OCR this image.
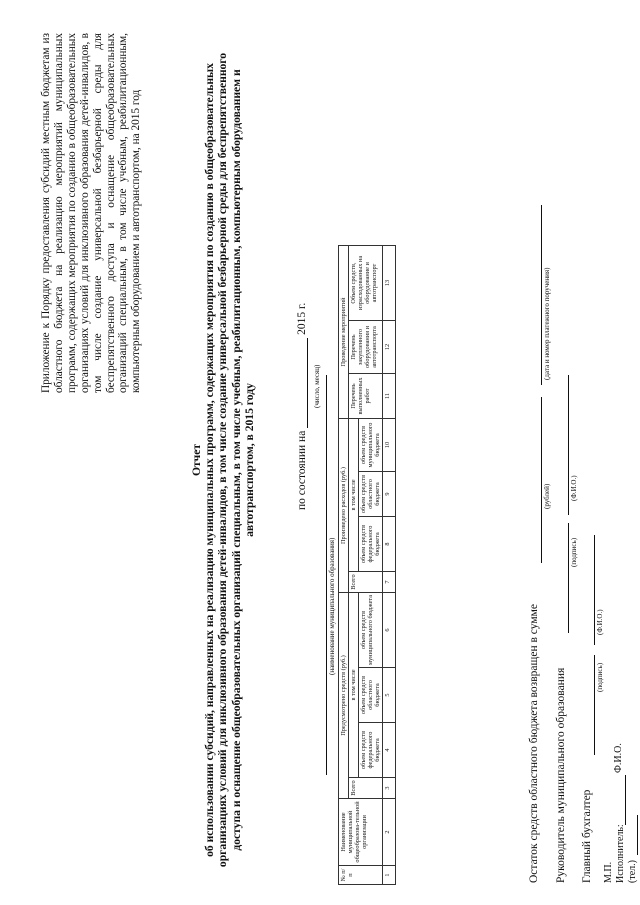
Приложение к Порядку предоставления субсидий местным бюджетам из областного бюджета на реализацию мероприятий муниципальных программ, содержащих мероприятия по созданию в общеобразовательных организациях условий для инклюзивного образования детей-инвалидов, в том числе создание универсальной безбарьерной среды для беспрепятственного доступа и оснащение общеобразовательных организаций специальным, в том числе учебным, реабилитационным, компьютерным оборудованием и автотранспортом, на 2015 год
Отчет об использовании субсидий, направленных на реализацию муниципальных программ, содержащих мероприятия по созданию в общеобразовательных организациях условий для инклюзивного образования детей-инвалидов, в том числе создание универсальной безбарьерной среды для беспрепятственного доступа и оснащение общеобразовательных организаций специальным, в том числе учебным, реабилитационным, компьютерным оборудованием и автотранспортом, в 2015 году	по состоянии на  2015 г.
(число, месяц)
(наименование муниципального образования)
№ п/п	Наименование муниципальной общеобразова-тельной организации	Предусмотрено средств (руб.)				Произведено расходов (руб.)				Проведение мероприятий		
		Всего	в том числе			Всего	в том числе			Перечень выполненных работ	Перечень закупленного оборудования и автотранспорта	Объем средств, израсходованных на оборудование и автотранспорт
			объем средств федерального бюджета	объем средств областного бюджета	объем средств муниципального бюджета		объем средств федерального бюджета	объем средств областного бюджета	объем средств муниципального бюджета			
1	2	3	4	5	6	7	8	9	10	11	12	13
Остаток средств областного бюджета возвращен в сумме
(рублей)
(дата и номер платежного поручения)
Руководитель муниципального образования
(подпись)
(Ф.И.О.)
Главный бухгалтер
(подпись)
(Ф.И.О.)
М.П. Исполнитель:
Ф.И.О.
(тел.)
